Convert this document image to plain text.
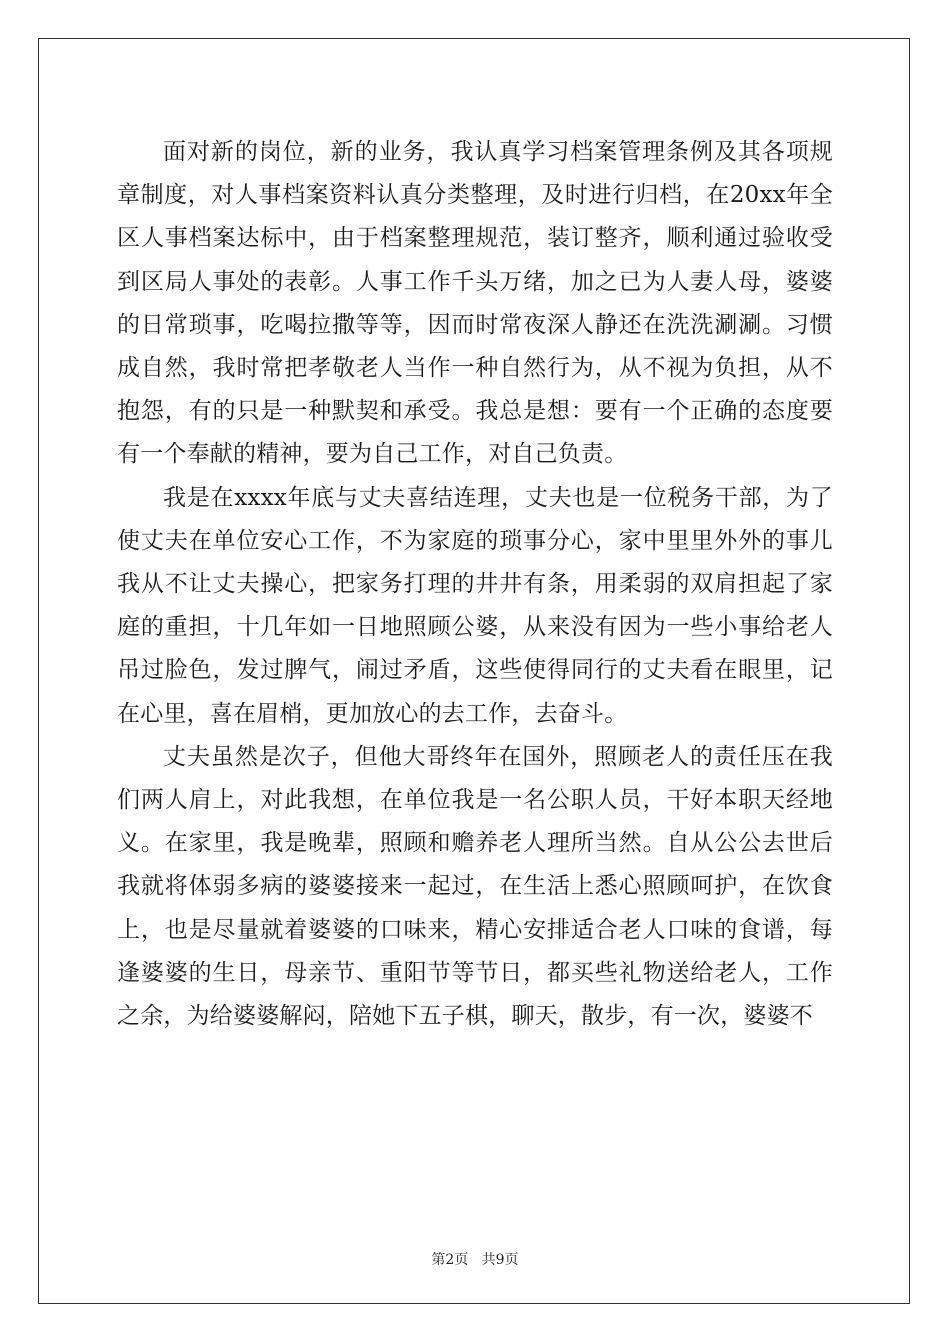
面对新的岗位，新的业务，我认真学习档案管理条例及其各项规章制度，对人事档案资料认真分类整理，及时进行归档，在20xx年全区人事档案达标中，由于档案整理规范，装订整齐，顺利通过验收受到区局人事处的表彰。人事工作千头万绪，加之已为人妻人母，婆婆的日常琐事，吃喝拉撒等等，因而时常夜深人静还在洗洗涮涮。习惯成自然，我时常把孝敬老人当作一种自然行为，从不视为负担，从不抱怨，有的只是一种默契和承受。我总是想：要有一个正确的态度要有一个奉献的精神，要为自己工作，对自己负责。

我是在xxxx年底与丈夫喜结连理，丈夫也是一位税务干部，为了使丈夫在单位安心工作，不为家庭的琐事分心，家中里里外外的事儿我从不让丈夫操心，把家务打理的井井有条，用柔弱的双肩担起了家庭的重担，十几年如一日地照顾公婆，从来没有因为一些小事给老人吊过脸色，发过脾气，闹过矛盾，这些使得同行的丈夫看在眼里，记在心里，喜在眉梢，更加放心的去工作，去奋斗。

丈夫虽然是次子，但他大哥终年在国外，照顾老人的责任压在我们两人肩上，对此我想，在单位我是一名公职人员，干好本职天经地义。在家里，我是晚辈，照顾和赡养老人理所当然。自从公公去世后我就将体弱多病的婆婆接来一起过，在生活上悉心照顾呵护，在饮食上，也是尽量就着婆婆的口味来，精心安排适合老人口味的食谱，每逢婆婆的生日，母亲节、重阳节等节日，都买些礼物送给老人，工作之余，为给婆婆解闷，陪她下五子棋，聊天，散步，有一次，婆婆不

第2页   共9页
